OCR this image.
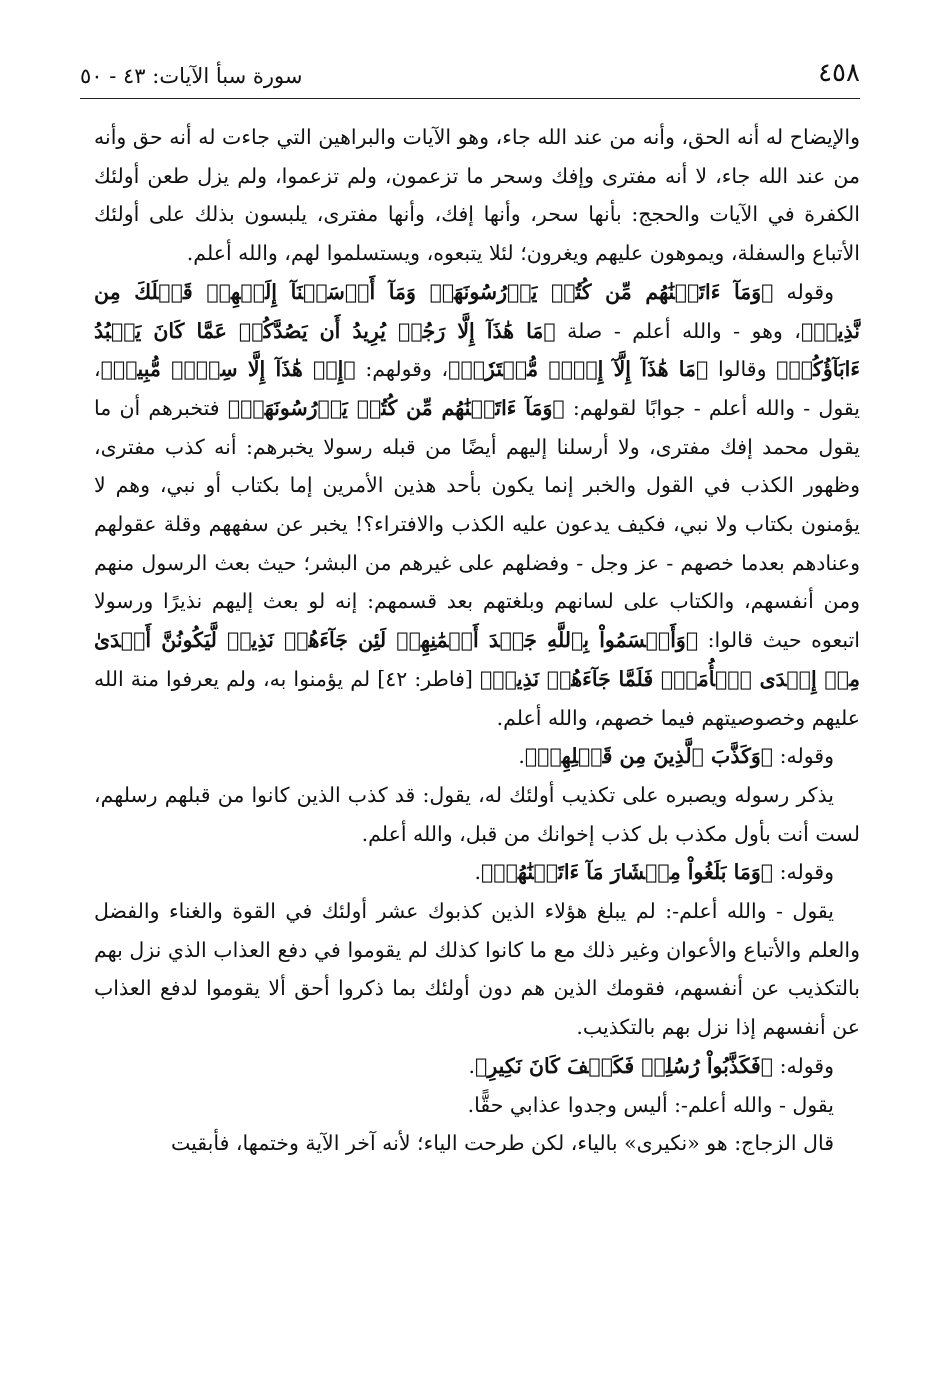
٤٥٨
سورة سبأ الآيات: ٤٣ - ٥٠

والإيضاح له أنه الحق، وأنه من عند الله جاء، وهو الآيات والبراهين التي جاءت له أنه حق وأنه من عند الله جاء، لا أنه مفترى وإفك وسحر ما تزعمون، ولم تزعموا، ولم يزل طعن أولئك الكفرة في الآيات والحجج: بأنها سحر، وأنها إفك، وأنها مفترى، يلبسون بذلك على أولئك الأتباع والسفلة، ويموهون عليهم ويغرون؛ لئلا يتبعوه، ويستسلموا لهم، والله أعلم.

وقوله ﴿وَمَآ ءَاتَيۡنَٰهُم مِّن كُتُبٖ يَدۡرُسُونَهَاۖ وَمَآ أَرۡسَلۡنَآ إِلَيۡهِمۡ قَبۡلَكَ مِن نَّذِيرٖ﴾، وهو - والله أعلم - صلة ﴿مَا هَٰذَآ إِلَّا رَجُلٞ يُرِيدُ أَن يَصُدَّكُمۡ عَمَّا كَانَ يَعۡبُدُ ءَابَآؤُكُمۡ﴾ وقالوا ﴿مَا هَٰذَآ إِلَّآ إِفۡكٞ مُّفۡتَرٗىۚ﴾، وقولهم: ﴿إِنۡ هَٰذَآ إِلَّا سِحۡرٞ مُّبِينٞ﴾، يقول - والله أعلم - جوابًا لقولهم: ﴿وَمَآ ءَاتَيۡنَٰهُم مِّن كُتُبٖ يَدۡرُسُونَهَاۖ﴾ فتخبرهم أن ما يقول محمد إفك مفترى، ولا أرسلنا إليهم أيضًا من قبله رسولا يخبرهم: أنه كذب مفترى، وظهور الكذب في القول والخبر إنما يكون بأحد هذين الأمرين إما بكتاب أو نبي، وهم لا يؤمنون بكتاب ولا نبي، فكيف يدعون عليه الكذب والافتراء؟! يخبر عن سفههم وقلة عقولهم وعنادهم بعدما خصهم - عز وجل - وفضلهم على غيرهم من البشر؛ حيث بعث الرسول منهم ومن أنفسهم، والكتاب على لسانهم وبلغتهم بعد قسمهم: إنه لو بعث إليهم نذيرًا ورسولا اتبعوه حيث قالوا: ﴿وَأَقۡسَمُواْ بِٱللَّهِ جَهۡدَ أَيۡمَٰنِهِمۡ لَئِن جَآءَهُمۡ نَذِيرٞ لَّيَكُونُنَّ أَهۡدَىٰ مِنۡ إِحۡدَى ٱلۡأُمَمِۖ فَلَمَّا جَآءَهُمۡ نَذِيرٞ﴾ [فاطر: ٤٢] لم يؤمنوا به، ولم يعرفوا منة الله عليهم وخصوصيتهم فيما خصهم، والله أعلم.

وقوله: ﴿وَكَذَّبَ ٱلَّذِينَ مِن قَبۡلِهِمۡ﴾.

يذكر رسوله ويصبره على تكذيب أولئك له، يقول: قد كذب الذين كانوا من قبلهم رسلهم، لست أنت بأول مكذب بل كذب إخوانك من قبل، والله أعلم.

وقوله: ﴿وَمَا بَلَغُواْ مِعۡشَارَ مَآ ءَاتَيۡنَٰهُمۡ﴾.

يقول - والله أعلم-: لم يبلغ هؤلاء الذين كذبوك عشر أولئك في القوة والغناء والفضل والعلم والأتباع والأعوان وغير ذلك مع ما كانوا كذلك لم يقوموا في دفع العذاب الذي نزل بهم بالتكذيب عن أنفسهم، فقومك الذين هم دون أولئك بما ذكروا أحق ألا يقوموا لدفع العذاب عن أنفسهم إذا نزل بهم بالتكذيب.

وقوله: ﴿فَكَذَّبُواْ رُسُلِيۖ فَكَيۡفَ كَانَ نَكِيرِ﴾.

يقول - والله أعلم-: أليس وجدوا عذابي حقًّا.

قال الزجاج: هو «نكيرى» بالياء، لكن طرحت الياء؛ لأنه آخر الآية وختمها، فأبقيت
